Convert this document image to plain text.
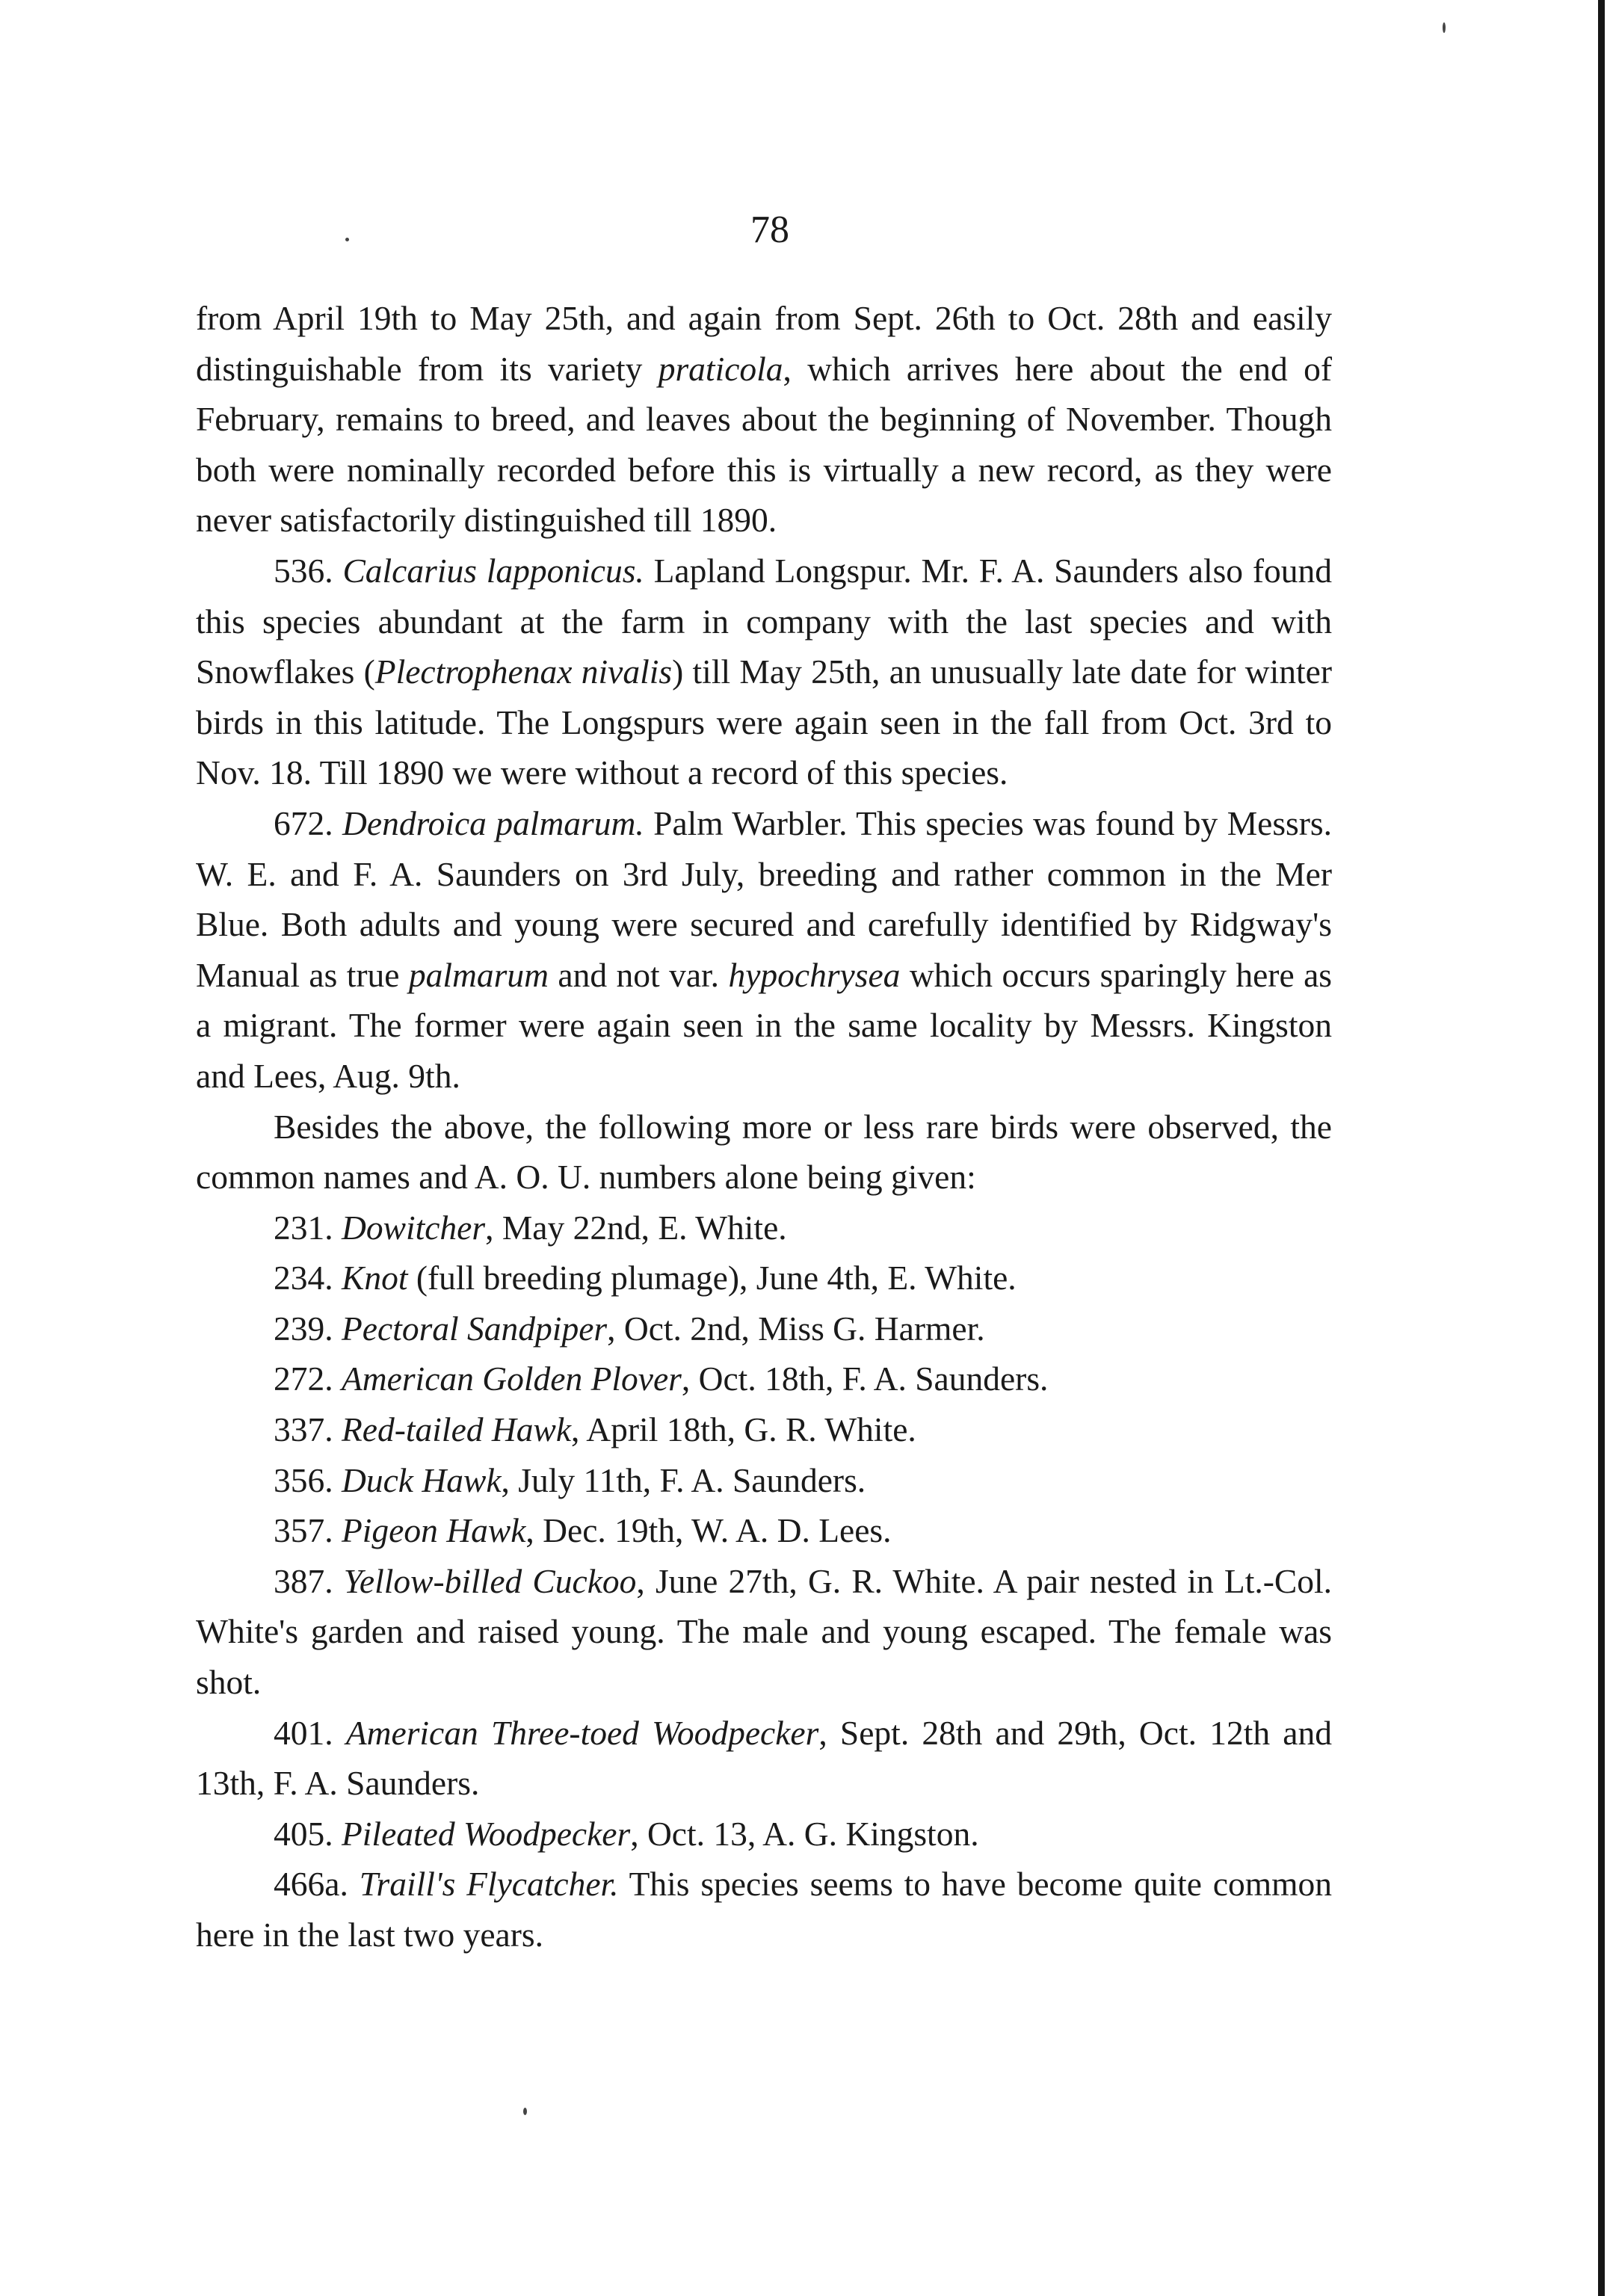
78

from April 19th to May 25th, and again from Sept. 26th to Oct. 28th and easily distinguishable from its variety praticola, which arrives here about the end of February, remains to breed, and leaves about the beginning of November. Though both were nominally recorded before this is virtually a new record, as they were never satisfactorily distinguished till 1890.

536. Calcarius lapponicus. Lapland Longspur. Mr. F. A. Saunders also found this species abundant at the farm in company with the last species and with Snowflakes (Plectrophenax nivalis) till May 25th, an unusually late date for winter birds in this latitude. The Longspurs were again seen in the fall from Oct. 3rd to Nov. 18. Till 1890 we were without a record of this species.

672. Dendroica palmarum. Palm Warbler. This species was found by Messrs. W. E. and F. A. Saunders on 3rd July, breeding and rather common in the Mer Blue. Both adults and young were secured and carefully identified by Ridgway's Manual as true palmarum and not var. hypochrysea which occurs sparingly here as a migrant. The former were again seen in the same locality by Messrs. Kingston and Lees, Aug. 9th.

Besides the above, the following more or less rare birds were observed, the common names and A. O. U. numbers alone being given:

231. Dowitcher, May 22nd, E. White.

234. Knot (full breeding plumage), June 4th, E. White.

239. Pectoral Sandpiper, Oct. 2nd, Miss G. Harmer.

272. American Golden Plover, Oct. 18th, F. A. Saunders.

337. Red-tailed Hawk, April 18th, G. R. White.

356. Duck Hawk, July 11th, F. A. Saunders.

357. Pigeon Hawk, Dec. 19th, W. A. D. Lees.

387. Yellow-billed Cuckoo, June 27th, G. R. White. A pair nested in Lt.-Col. White's garden and raised young. The male and young escaped. The female was shot.

401. American Three-toed Woodpecker, Sept. 28th and 29th, Oct. 12th and 13th, F. A. Saunders.

405. Pileated Woodpecker, Oct. 13, A. G. Kingston.

466a. Traill's Flycatcher. This species seems to have become quite common here in the last two years.
